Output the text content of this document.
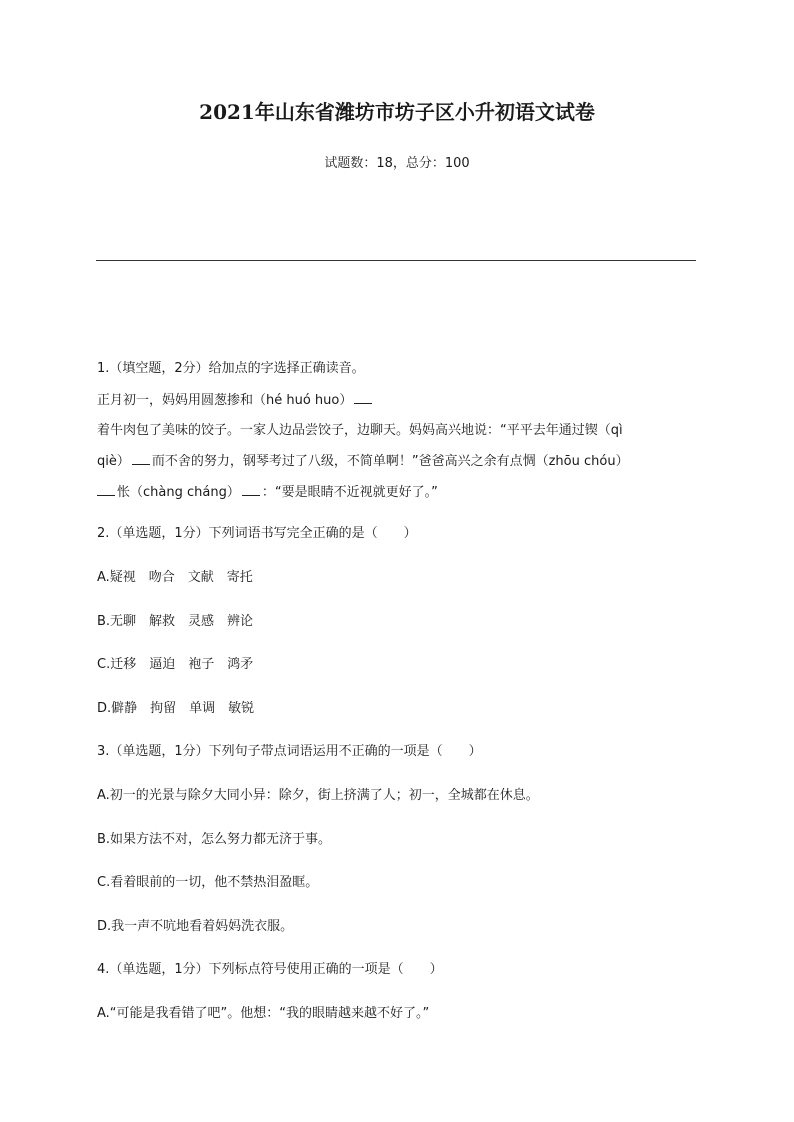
2021年山东省潍坊市坊子区小升初语文试卷
试题数：18，总分：100
1.（填空题，2分）给加点的字选择正确读音。
正月初一，妈妈用圆葱掺和（hé huó huo）
着牛肉包了美味的饺子。一家人边品尝饺子，边聊天。妈妈高兴地说：“平平去年通过锲（qì
qiè） 而不舍的努力，钢琴考过了八级，不简单啊！”爸爸高兴之余有点惆（zhōu chóu）
怅（chàng cháng） ：“要是眼睛不近视就更好了。”
2.（单选题，1分）下列词语书写完全正确的是（　　）
A.疑视　吻合　文献　寄托
B.无聊　解救　灵感　辨论
C.迁移　逼迫　袍子　鸿矛
D.僻静　拘留　单调　敏锐
3.（单选题，1分）下列句子带点词语运用不正确的一项是（　　）
A.初一的光景与除夕大同小异：除夕，街上挤满了人；初一，全城都在休息。
B.如果方法不对，怎么努力都无济于事。
C.看着眼前的一切，他不禁热泪盈眶。
D.我一声不吭地看着妈妈洗衣服。
4.（单选题，1分）下列标点符号使用正确的一项是（　　）
A.“可能是我看错了吧”。他想：“我的眼睛越来越不好了。”
